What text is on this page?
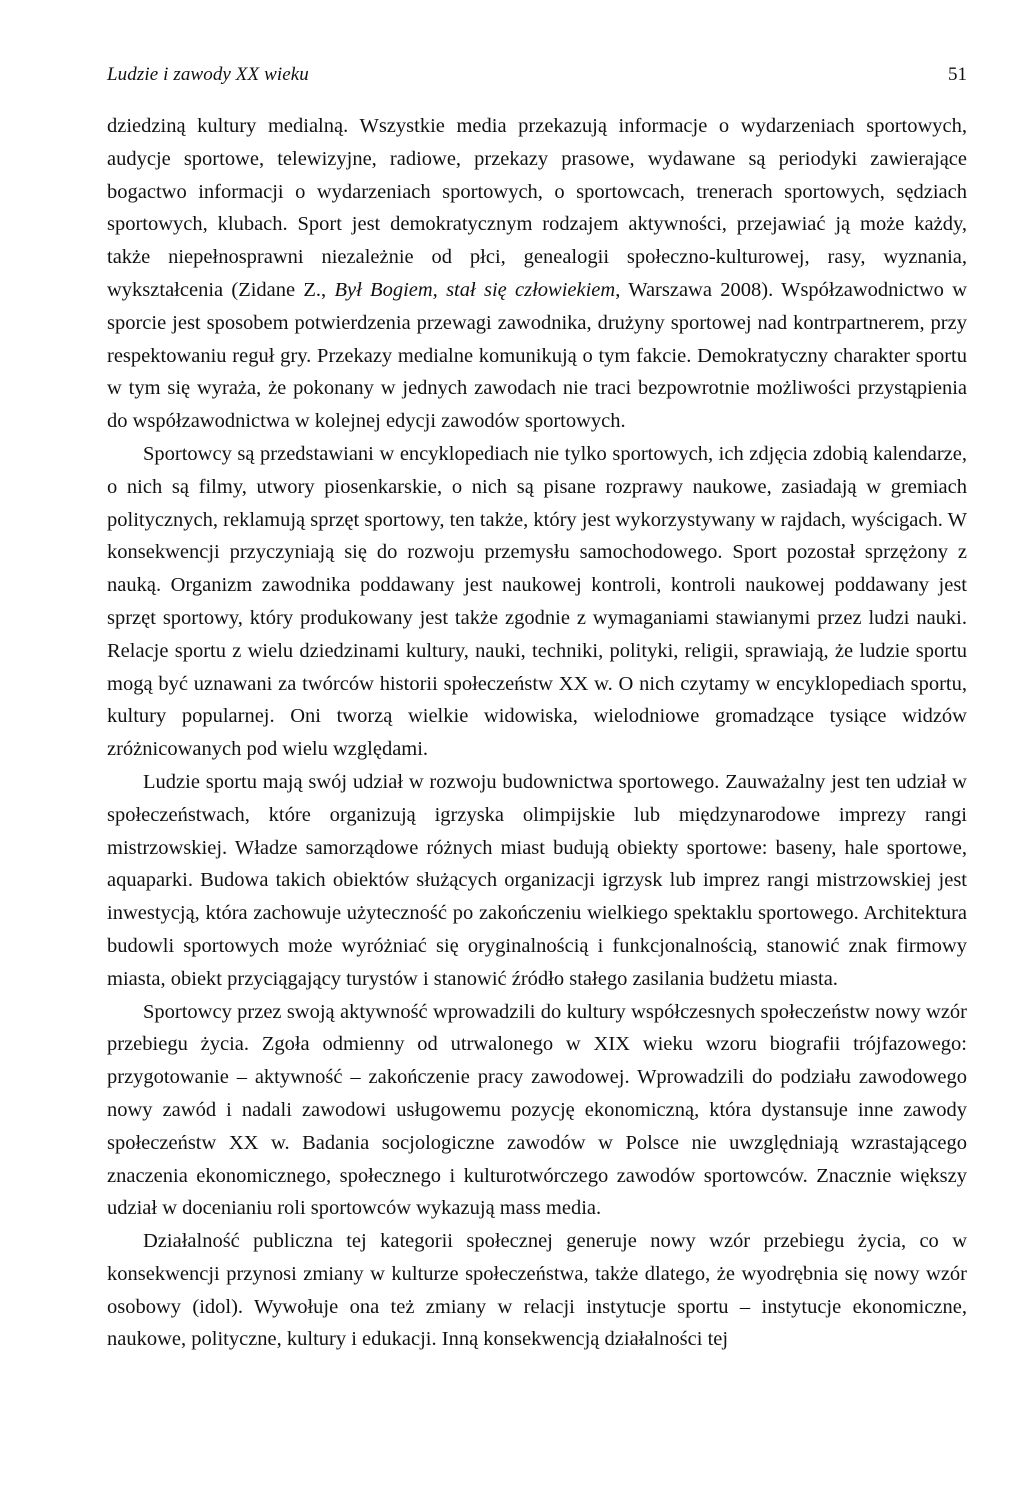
Ludzie i zawody XX wieku	51

dziedziną kultury medialną. Wszystkie media przekazują informacje o wydarzeniach sportowych, audycje sportowe, telewizyjne, radiowe, przekazy prasowe, wydawane są periodyki zawierające bogactwo informacji o wydarzeniach sportowych, o sportowcach, trenerach sportowych, sędziach sportowych, klubach. Sport jest demokratycznym rodzajem aktywności, przejawiać ją może każdy, także niepełnosprawni niezależnie od płci, genealogii społeczno-kulturowej, rasy, wyznania, wykształcenia (Zidane Z., Był Bogiem, stał się człowiekiem, Warszawa 2008). Współzawodnictwo w sporcie jest sposobem potwierdzenia przewagi zawodnika, drużyny sportowej nad kontrpartnerem, przy respektowaniu reguł gry. Przekazy medialne komunikują o tym fakcie. Demokratyczny charakter sportu w tym się wyraża, że pokonany w jednych zawodach nie traci bezpowrotnie możliwości przystąpienia do współzawodnictwa w kolejnej edycji zawodów sportowych.

Sportowcy są przedstawiani w encyklopediach nie tylko sportowych, ich zdjęcia zdobią kalendarze, o nich są filmy, utwory piosenkarskie, o nich są pisane rozprawy naukowe, zasiadają w gremiach politycznych, reklamują sprzęt sportowy, ten także, który jest wykorzystywany w rajdach, wyścigach. W konsekwencji przyczyniają się do rozwoju przemysłu samochodowego. Sport pozostał sprzężony z nauką. Organizm zawodnika poddawany jest naukowej kontroli, kontroli naukowej poddawany jest sprzęt sportowy, który produkowany jest także zgodnie z wymaganiami stawianymi przez ludzi nauki. Relacje sportu z wielu dziedzinami kultury, nauki, techniki, polityki, religii, sprawiają, że ludzie sportu mogą być uznawani za twórców historii społeczeństw XX w. O nich czytamy w encyklopediach sportu, kultury popularnej. Oni tworzą wielkie widowiska, wielodniowe gromadzące tysiące widzów zróżnicowanych pod wielu względami.

Ludzie sportu mają swój udział w rozwoju budownictwa sportowego. Zauważalny jest ten udział w społeczeństwach, które organizują igrzyska olimpijskie lub międzynarodowe imprezy rangi mistrzowskiej. Władze samorządowe różnych miast budują obiekty sportowe: baseny, hale sportowe, aquaparki. Budowa takich obiektów służących organizacji igrzysk lub imprez rangi mistrzowskiej jest inwestycją, która zachowuje użyteczność po zakończeniu wielkiego spektaklu sportowego. Architektura budowli sportowych może wyróżniać się oryginalnością i funkcjonalnością, stanowić znak firmowy miasta, obiekt przyciągający turystów i stanowić źródło stałego zasilania budżetu miasta.

Sportowcy przez swoją aktywność wprowadzili do kultury współczesnych społeczeństw nowy wzór przebiegu życia. Zgoła odmienny od utrwalonego w XIX wieku wzoru biografii trójfazowego: przygotowanie – aktywność – zakończenie pracy zawodowej. Wprowadzili do podziału zawodowego nowy zawód i nadali zawodowi usługowemu pozycję ekonomiczną, która dystansuje inne zawody społeczeństw XX w. Badania socjologiczne zawodów w Polsce nie uwzględniają wzrastającego znaczenia ekonomicznego, społecznego i kulturotwórczego zawodów sportowców. Znacznie większy udział w docenianiu roli sportowców wykazują mass media.

Działalność publiczna tej kategorii społecznej generuje nowy wzór przebiegu życia, co w konsekwencji przynosi zmiany w kulturze społeczeństwa, także dlatego, że wyodrębnia się nowy wzór osobowy (idol). Wywołuje ona też zmiany w relacji instytucje sportu – instytucje ekonomiczne, naukowe, polityczne, kultury i edukacji. Inną konsekwencją działalności tej
